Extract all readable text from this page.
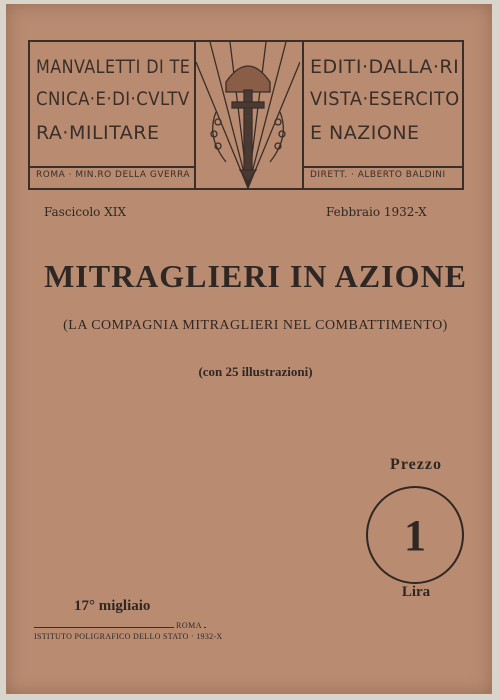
MANVALETTI DI TE
CNICA·E·DI·CVLTV
RA·MILITARE
ROMA · MIN.RO DELLA GVERRA
EDITI·DALLA·RI
VISTA·ESERCITO
E NAZIONE
DIRETT. · ALBERTO BALDINI
Fascicolo XIX	Febbraio 1932-X
MITRAGLIERI IN AZIONE
(LA COMPAGNIA MITRAGLIERI NEL COMBATTIMENTO)
(con 25 illustrazioni)
Prezzo
1
Lira
17° migliaio
ROMA
ISTITUTO POLIGRAFICO DELLO STATO · 1932-X
